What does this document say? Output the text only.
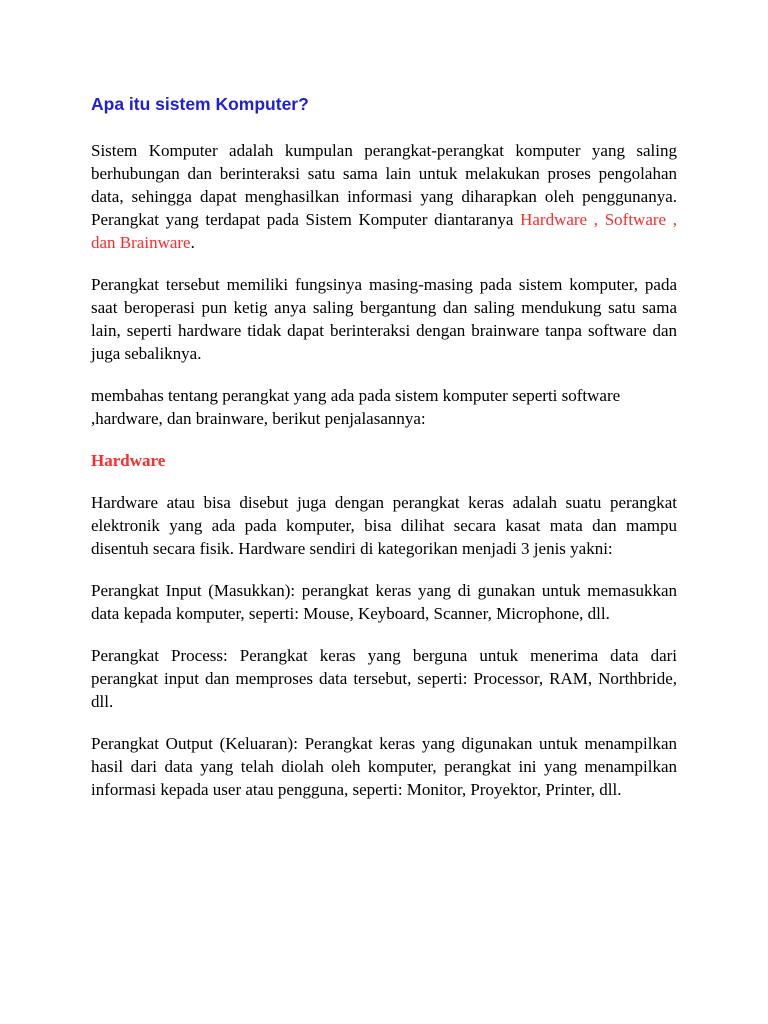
Apa itu sistem Komputer?

Sistem Komputer adalah kumpulan perangkat-perangkat komputer yang saling berhubungan dan berinteraksi satu sama lain untuk melakukan proses pengolahan data, sehingga dapat menghasilkan informasi yang diharapkan oleh penggunanya. Perangkat yang terdapat pada Sistem Komputer diantaranya Hardware , Software , dan Brainware.

Perangkat tersebut memiliki fungsinya masing-masing pada sistem komputer, pada saat beroperasi pun ketig anya saling bergantung dan saling mendukung satu sama lain, seperti hardware tidak dapat berinteraksi dengan brainware tanpa software dan juga sebaliknya.

membahas tentang perangkat yang ada pada sistem komputer seperti software ,hardware, dan brainware, berikut penjalasannya:

Hardware

Hardware atau bisa disebut juga dengan perangkat keras adalah suatu perangkat elektronik yang ada pada komputer, bisa dilihat secara kasat mata dan mampu disentuh secara fisik. Hardware sendiri di kategorikan menjadi 3 jenis yakni:

Perangkat Input (Masukkan): perangkat keras yang di gunakan untuk memasukkan data kepada komputer, seperti: Mouse, Keyboard, Scanner, Microphone, dll.

Perangkat Process: Perangkat keras yang berguna untuk menerima data dari perangkat input dan memproses data tersebut, seperti: Processor, RAM, Northbride, dll.

Perangkat Output (Keluaran): Perangkat keras yang digunakan untuk menampilkan hasil dari data yang telah diolah oleh komputer, perangkat ini yang menampilkan informasi kepada user atau pengguna, seperti: Monitor, Proyektor, Printer, dll.
